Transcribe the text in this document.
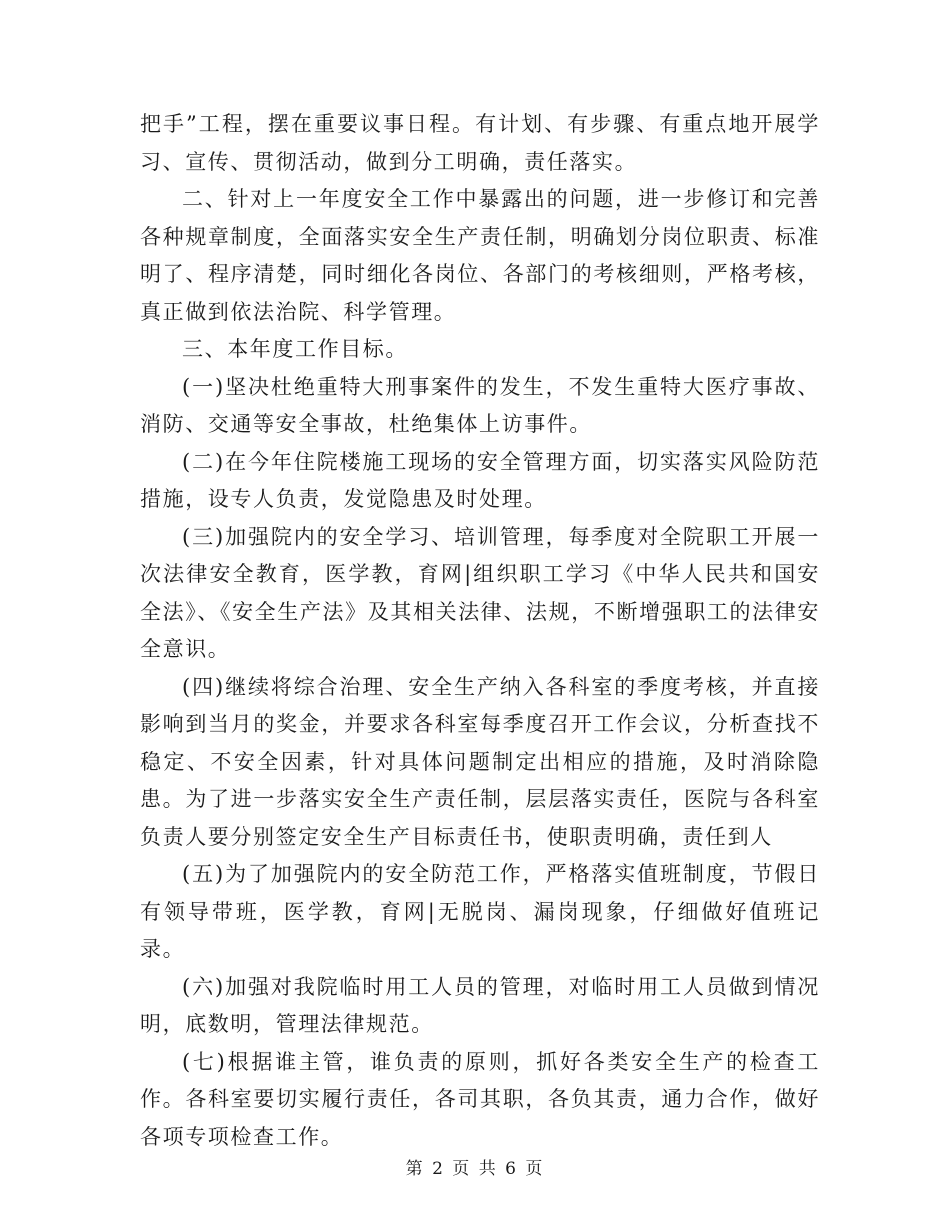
把手”工程，摆在重要议事日程。有计划、有步骤、有重点地开展学习、宣传、贯彻活动，做到分工明确，责任落实。

二、针对上一年度安全工作中暴露出的问题，进一步修订和完善各种规章制度，全面落实安全生产责任制，明确划分岗位职责、标准明了、程序清楚，同时细化各岗位、各部门的考核细则，严格考核，真正做到依法治院、科学管理。

三、本年度工作目标。

(一)坚决杜绝重特大刑事案件的发生，不发生重特大医疗事故、消防、交通等安全事故，杜绝集体上访事件。

(二)在今年住院楼施工现场的安全管理方面，切实落实风险防范措施，设专人负责，发觉隐患及时处理。

(三)加强院内的安全学习、培训管理，每季度对全院职工开展一次法律安全教育，医学教，育网|组织职工学习《中华人民共和国安全法》、《安全生产法》及其相关法律、法规，不断增强职工的法律安全意识。

(四)继续将综合治理、安全生产纳入各科室的季度考核，并直接影响到当月的奖金，并要求各科室每季度召开工作会议，分析查找不稳定、不安全因素，针对具体问题制定出相应的措施，及时消除隐患。为了进一步落实安全生产责任制，层层落实责任，医院与各科室负责人要分别签定安全生产目标责任书，使职责明确，责任到人

(五)为了加强院内的安全防范工作，严格落实值班制度，节假日有领导带班，医学教，育网|无脱岗、漏岗现象，仔细做好值班记录。

(六)加强对我院临时用工人员的管理，对临时用工人员做到情况明，底数明，管理法律规范。

(七)根据谁主管，谁负责的原则，抓好各类安全生产的检查工作。各科室要切实履行责任，各司其职，各负其责，通力合作，做好各项专项检查工作。

第 2 页 共 6 页
